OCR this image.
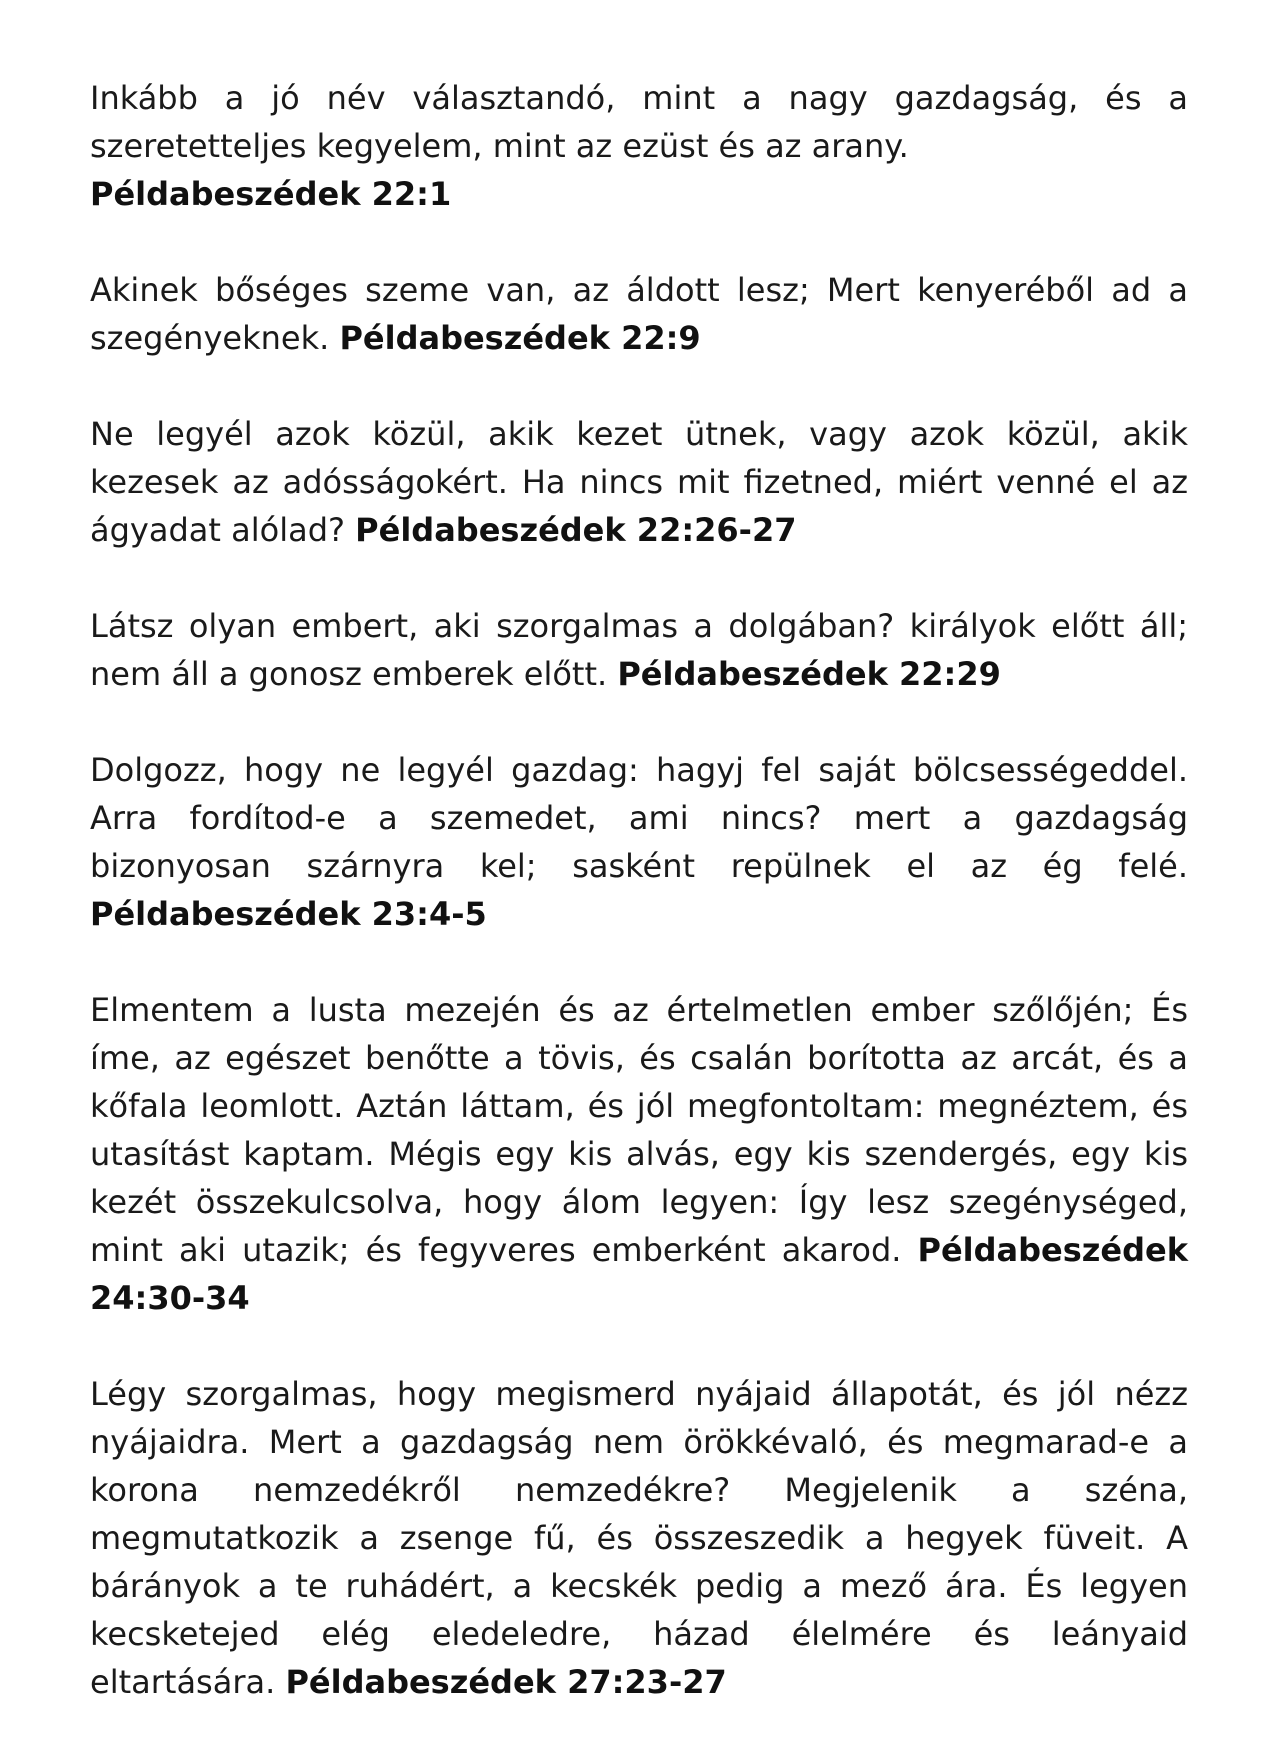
Inkább a jó név választandó, mint a nagy gazdagság, és a szeretetteljes kegyelem, mint az ezüst és az arany.
Példabeszédek 22:1

Akinek bőséges szeme van, az áldott lesz; Mert kenyeréből ad a szegényeknek. Példabeszédek 22:9

Ne legyél azok közül, akik kezet ütnek, vagy azok közül, akik kezesek az adósságokért. Ha nincs mit fizetned, miért venné el az ágyadat alólad? Példabeszédek 22:26-27

Látsz olyan embert, aki szorgalmas a dolgában? királyok előtt áll; nem áll a gonosz emberek előtt. Példabeszédek 22:29

Dolgozz, hogy ne legyél gazdag: hagyj fel saját bölcsességeddel. Arra fordítod-e a szemedet, ami nincs? mert a gazdagság bizonyosan szárnyra kel; sasként repülnek el az ég felé. Példabeszédek 23:4-5

Elmentem a lusta mezején és az értelmetlen ember szőlőjén; És íme, az egészet benőtte a tövis, és csalán borította az arcát, és a kőfala leomlott. Aztán láttam, és jól megfontoltam: megnéztem, és utasítást kaptam. Mégis egy kis alvás, egy kis szendergés, egy kis kezét összekulcsolva, hogy álom legyen: Így lesz szegénységed, mint aki utazik; és fegyveres emberként akarod. Példabeszédek 24:30-34

Légy szorgalmas, hogy megismerd nyájaid állapotát, és jól nézz nyájaidra. Mert a gazdagság nem örökkévaló, és megmarad-e a korona nemzedékről nemzedékre? Megjelenik a széna, megmutatkozik a zsenge fű, és összeszedik a hegyek füveit. A bárányok a te ruhádért, a kecskék pedig a mező ára. És legyen kecsketejed elég eledeledre, házad élelmére és leányaid eltartására. Példabeszédek 27:23-27
